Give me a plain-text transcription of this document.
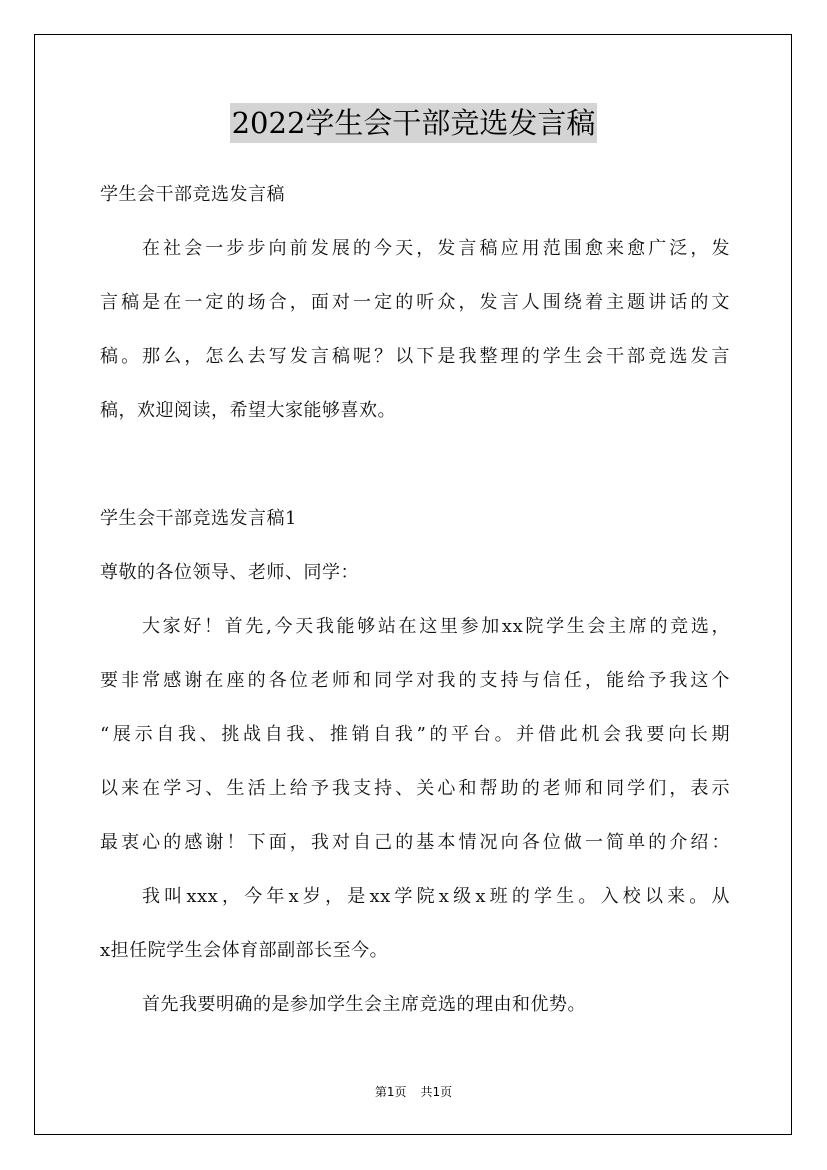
2022学生会干部竞选发言稿
学生会干部竞选发言稿
在社会一步步向前发展的今天，发言稿应用范围愈来愈广泛，发
言稿是在一定的场合，面对一定的听众，发言人围绕着主题讲话的文
稿。那么，怎么去写发言稿呢？以下是我整理的学生会干部竞选发言
稿，欢迎阅读，希望大家能够喜欢。
学生会干部竞选发言稿1
尊敬的各位领导、老师、同学：
大家好！首先,今天我能够站在这里参加xx院学生会主席的竞选，
要非常感谢在座的各位老师和同学对我的支持与信任，能给予我这个
“展示自我、挑战自我、推销自我”的平台。并借此机会我要向长期
以来在学习、生活上给予我支持、关心和帮助的老师和同学们，表示
最衷心的感谢！下面，我对自己的基本情况向各位做一简单的介绍：
我叫xxx，今年x岁，是xx学院x级x班的学生。入校以来。从
x担任院学生会体育部副部长至今。
首先我要明确的是参加学生会主席竞选的理由和优势。
第1页 共1页
